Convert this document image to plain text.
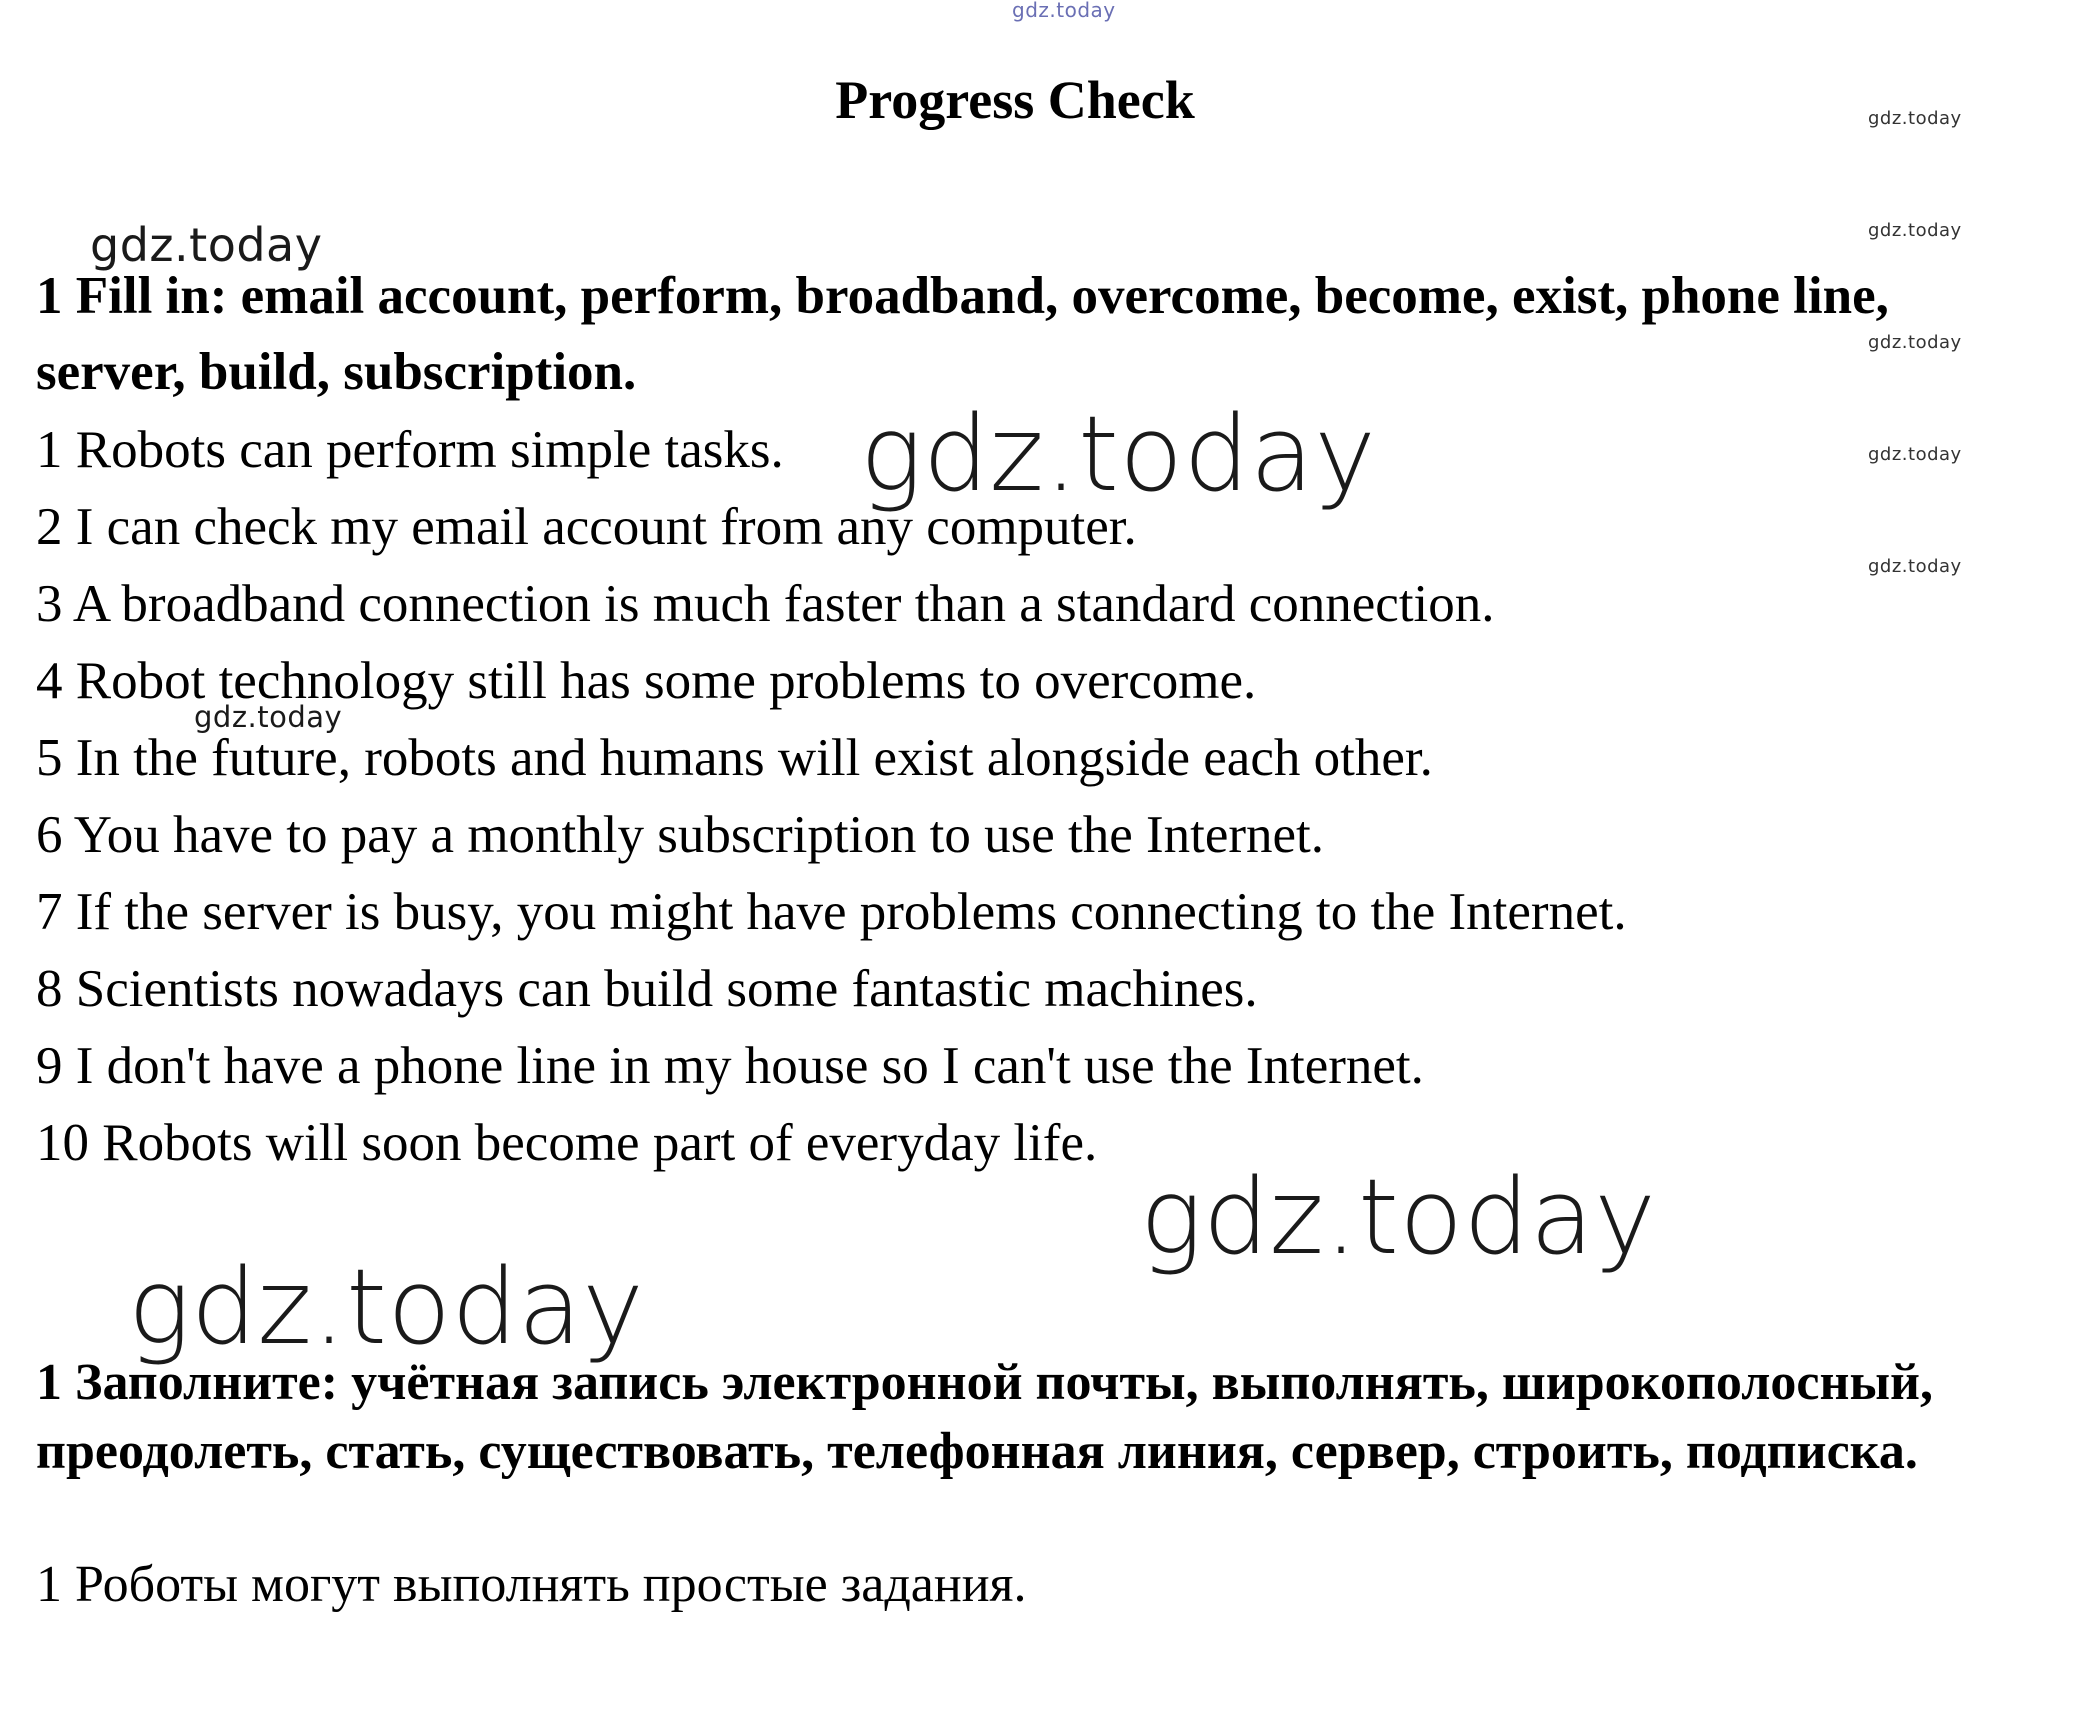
gdz.today
gdz.today
gdz.today
gdz.today
gdz.today
gdz.today
gdz.today
gdz.today
gdz.today
gdz.today
gdz.today
Progress Check

1 Fill in: email account, perform, broadband, overcome, become, exist, phone line, server, build, subscription.

1 Robots can perform simple tasks.
2 I can check my email account from any computer.
3 A broadband connection is much faster than a standard connection.
4 Robot technology still has some problems to overcome.
5 In the future, robots and humans will exist alongside each other.
6 You have to pay a monthly subscription to use the Internet.
7 If the server is busy, you might have problems connecting to the Internet.
8 Scientists nowadays can build some fantastic machines.
9 I don't have a phone line in my house so I can't use the Internet.
10 Robots will soon become part of everyday life.

1 Заполните: учётная запись электронной почты, выполнять, широкополосный, преодолеть, стать, существовать, телефонная линия, сервер, строить, подписка.

1 Роботы могут выполнять простые задания.
